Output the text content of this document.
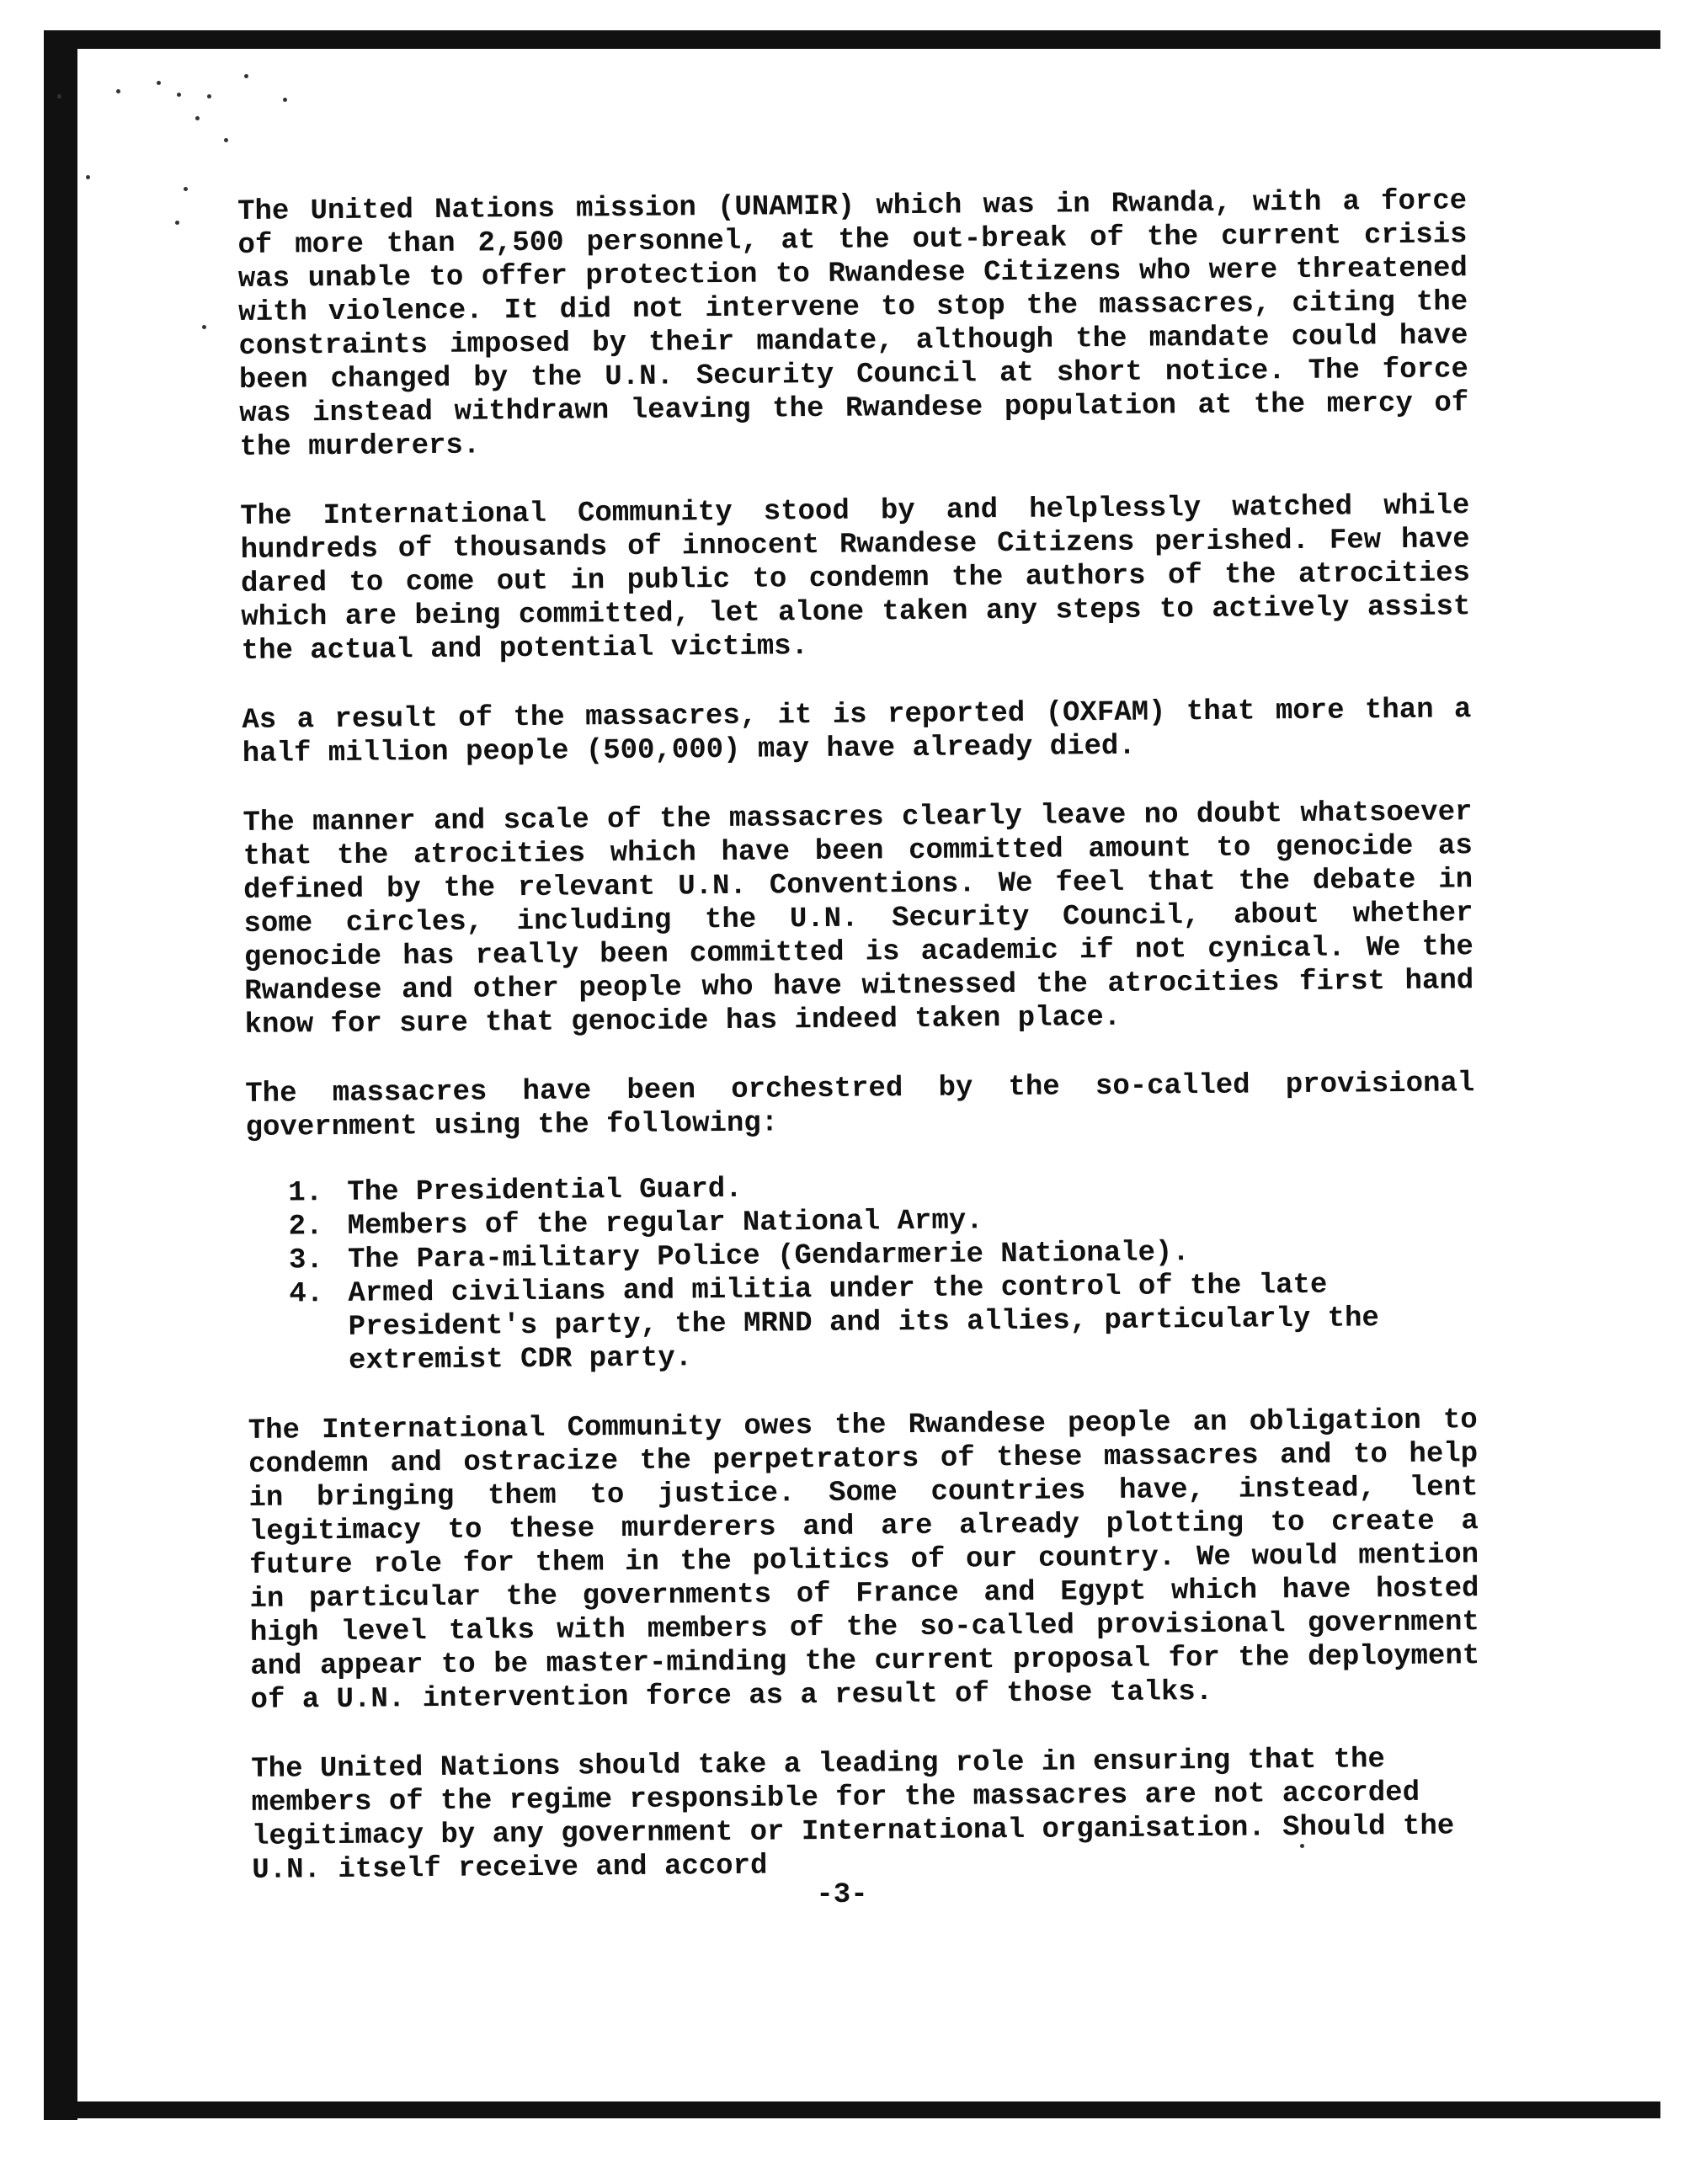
The United Nations mission (UNAMIR) which was in Rwanda, with a force of more than 2,500 personnel, at the out-break of the current crisis was unable to offer protection to Rwandese Citizens who were threatened with violence. It did not intervene to stop the massacres, citing the constraints imposed by their mandate, although the mandate could have been changed by the U.N. Security Council at short notice. The force was instead withdrawn leaving the Rwandese population at the mercy of the murderers.

The International Community stood by and helplessly watched while hundreds of thousands of innocent Rwandese Citizens perished. Few have dared to come out in public to condemn the authors of the atrocities which are being committed, let alone taken any steps to actively assist the actual and potential victims.

As a result of the massacres, it is reported (OXFAM) that more than a half million people (500,000) may have already died.

The manner and scale of the massacres clearly leave no doubt whatsoever that the atrocities which have been committed amount to genocide as defined by the relevant U.N. Conventions. We feel that the debate in some circles, including the U.N. Security Council, about whether genocide has really been committed is academic if not cynical. We the Rwandese and other people who have witnessed the atrocities first hand know for sure that genocide has indeed taken place.

The massacres have been orchestred by the so-called provisional government using the following:

1. The Presidential Guard.
2. Members of the regular National Army.
3. The Para-military Police (Gendarmerie Nationale).
4. Armed civilians and militia under the control of the late President's party, the MRND and its allies, particularly the extremist CDR party.

The International Community owes the Rwandese people an obligation to condemn and ostracize the perpetrators of these massacres and to help in bringing them to justice. Some countries have, instead, lent legitimacy to these murderers and are already plotting to create a future role for them in the politics of our country. We would mention in particular the governments of France and Egypt which have hosted high level talks with members of the so-called provisional government and appear to be master-minding the current proposal for the deployment of a U.N. intervention force as a result of those talks.

The United Nations should take a leading role in ensuring that the members of the regime responsible for the massacres are not accorded legitimacy by any government or International organisation. Should the U.N. itself receive and accord

-3-
